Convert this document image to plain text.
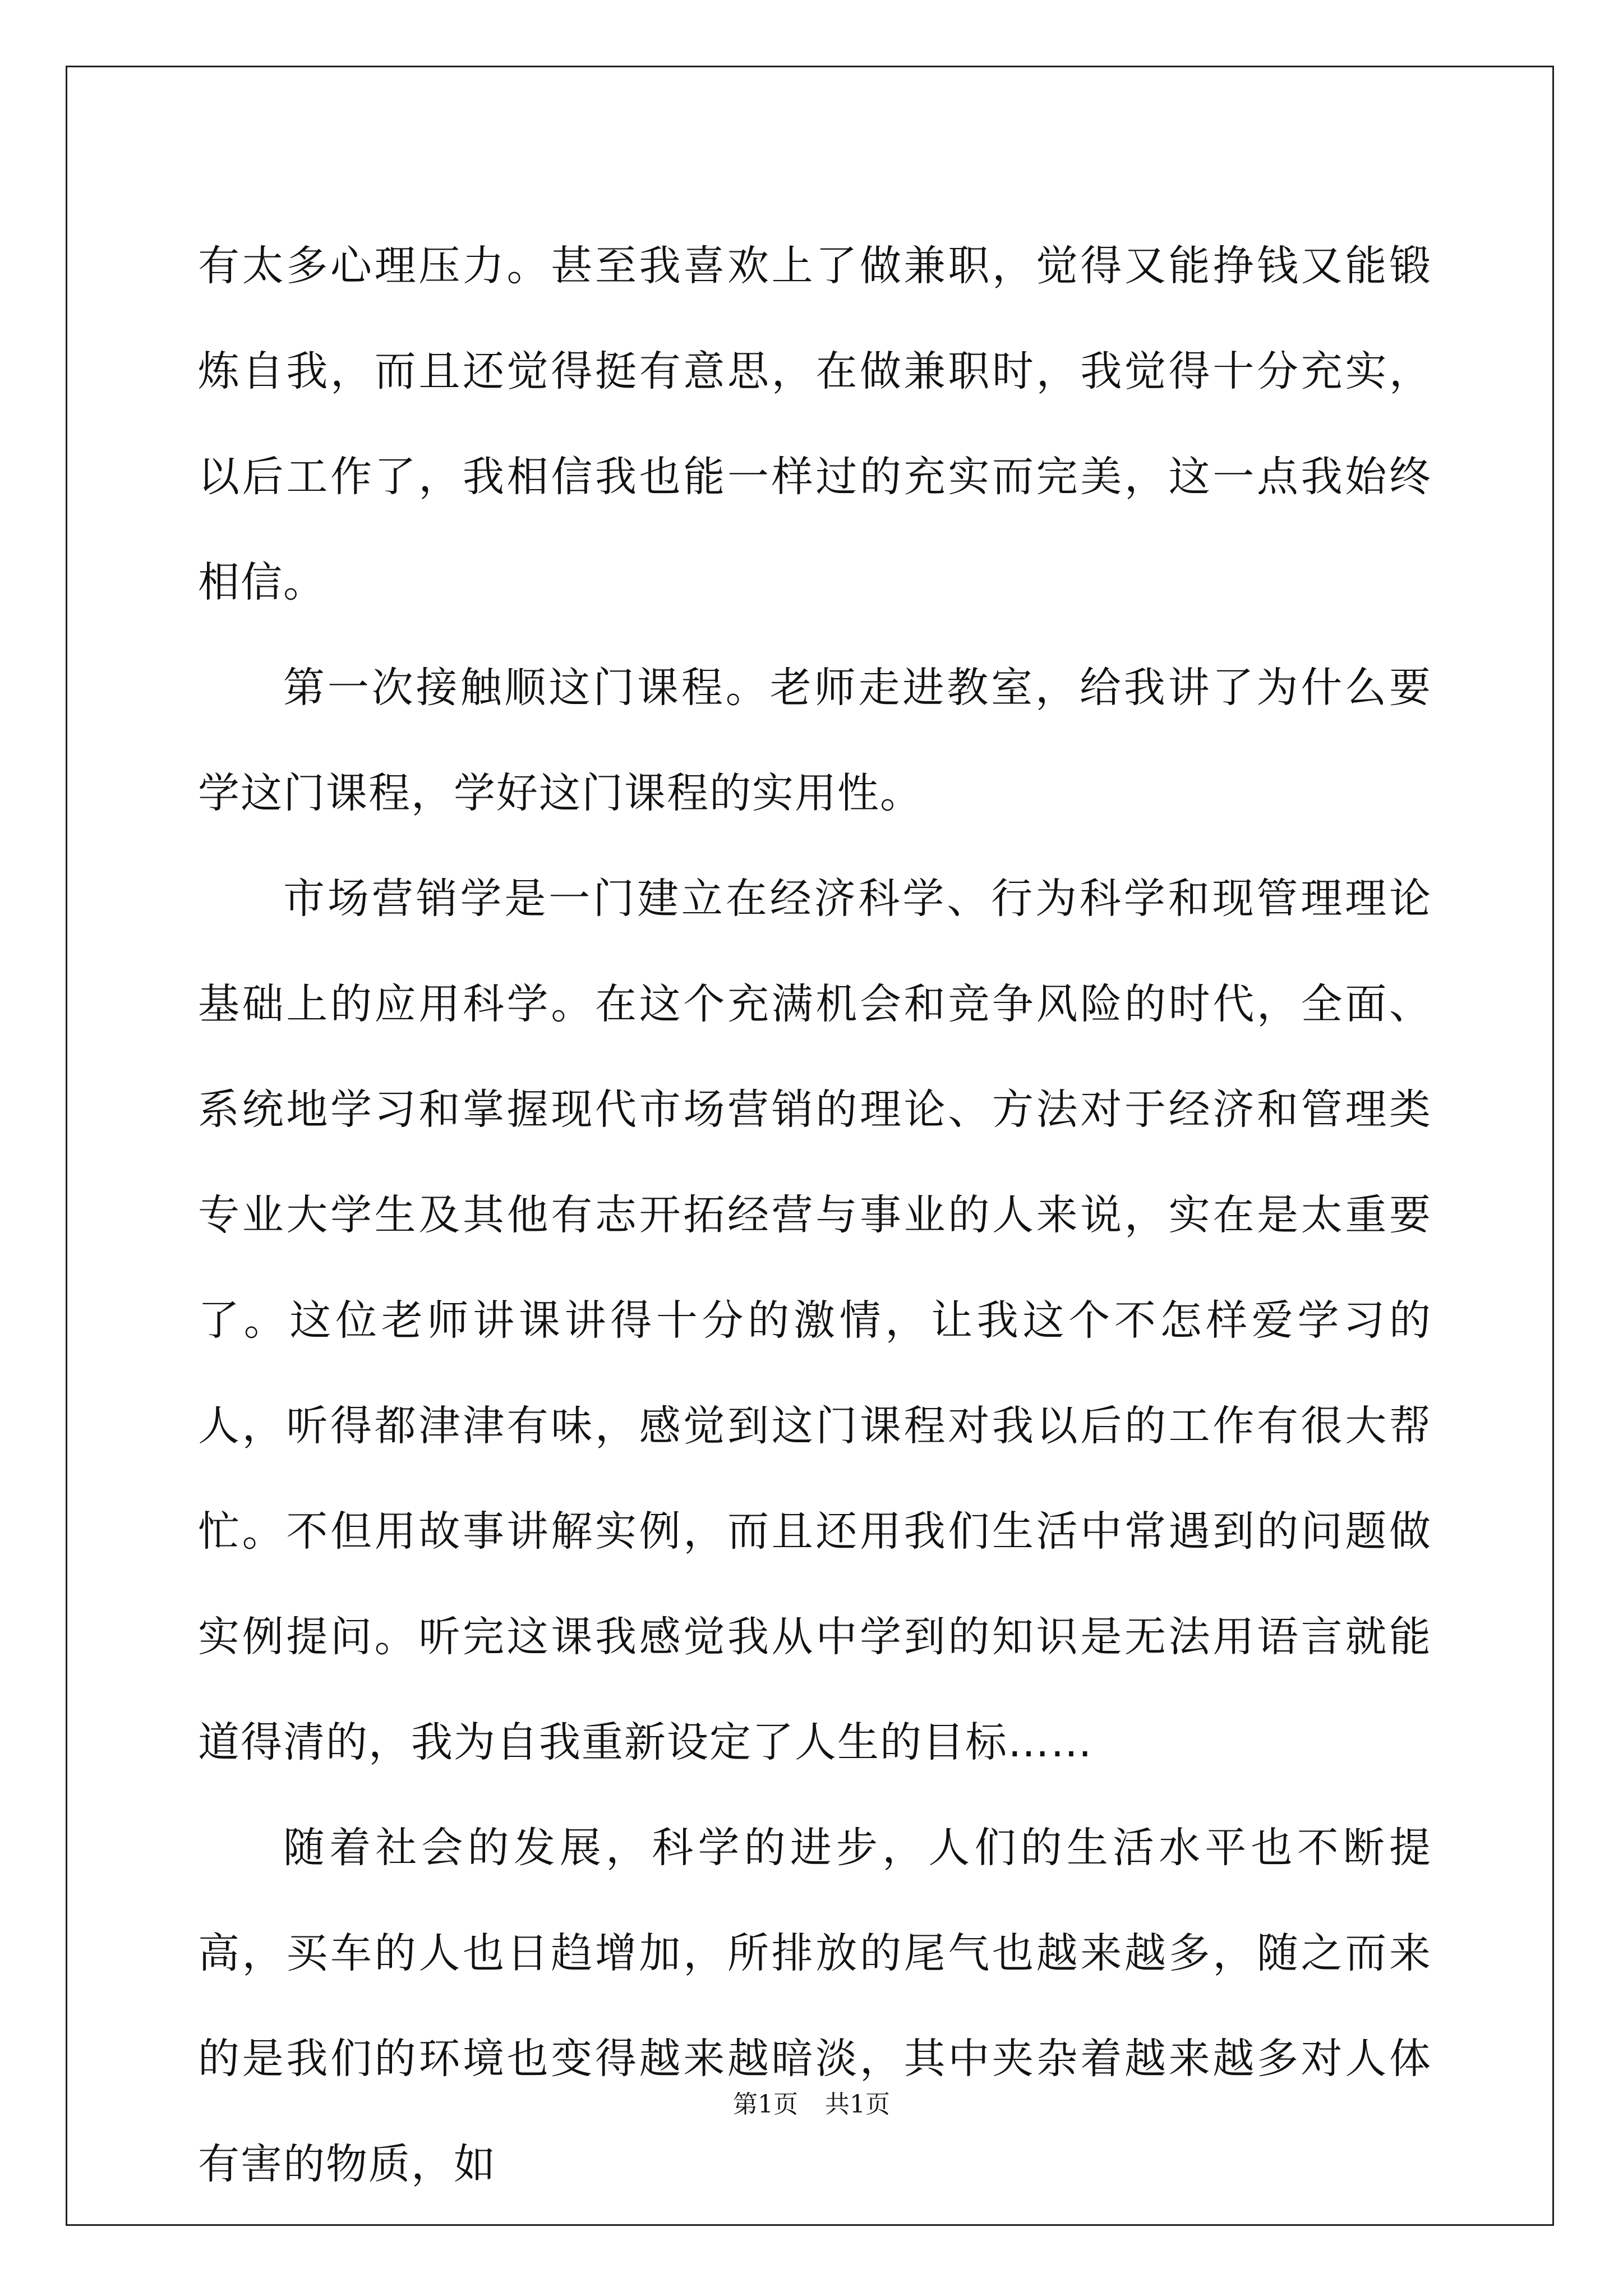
有太多心理压力。甚至我喜欢上了做兼职，觉得又能挣钱又能锻炼自我，而且还觉得挺有意思，在做兼职时，我觉得十分充实，以后工作了，我相信我也能一样过的充实而完美，这一点我始终相信。

第一次接触顺这门课程。老师走进教室，给我讲了为什么要学这门课程，学好这门课程的实用性。

市场营销学是一门建立在经济科学、行为科学和现管理理论基础上的应用科学。在这个充满机会和竞争风险的时代，全面、系统地学习和掌握现代市场营销的理论、方法对于经济和管理类专业大学生及其他有志开拓经营与事业的人来说，实在是太重要了。这位老师讲课讲得十分的激情，让我这个不怎样爱学习的人，听得都津津有味，感觉到这门课程对我以后的工作有很大帮忙。不但用故事讲解实例，而且还用我们生活中常遇到的问题做实例提问。听完这课我感觉我从中学到的知识是无法用语言就能道得清的，我为自我重新设定了人生的目标……

随着社会的发展，科学的进步，人们的生活水平也不断提高，买车的人也日趋增加，所排放的尾气也越来越多，随之而来的是我们的环境也变得越来越暗淡，其中夹杂着越来越多对人体有害的物质，如

第1页 共1页
